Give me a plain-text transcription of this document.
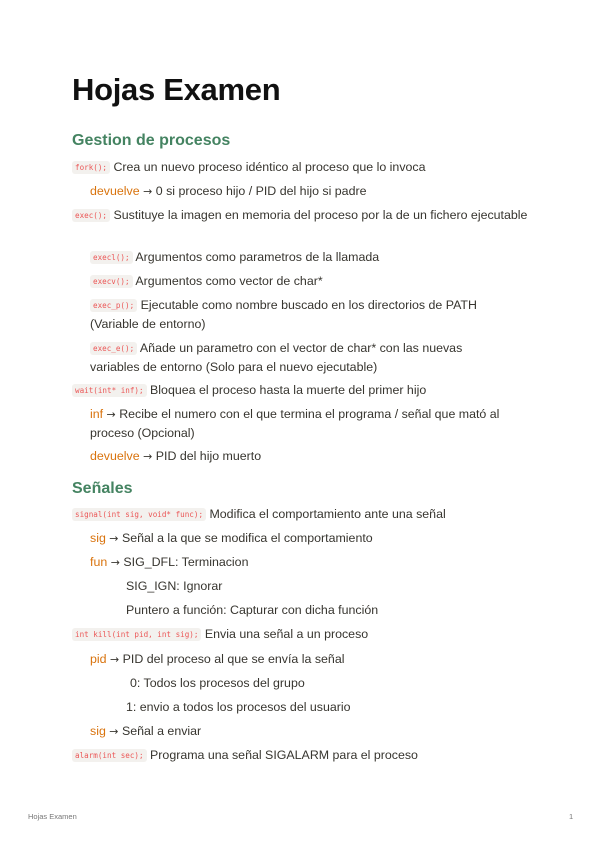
Hojas Examen
Gestion de procesos
fork(); Crea un nuevo proceso idéntico al proceso que lo invoca
devuelve → 0 si proceso hijo / PID del hijo si padre
exec(); Sustituye la imagen en memoria del proceso por la de un fichero ejecutable
execl(); Argumentos como parametros de la llamada
execv(); Argumentos como vector de char*
exec_p(); Ejecutable como nombre buscado en los directorios de PATH (Variable de entorno)
exec_e(); Añade un parametro con el vector de char* con las nuevas variables de entorno (Solo para el nuevo ejecutable)
wait(int* inf); Bloquea el proceso hasta la muerte del primer hijo
inf → Recibe el numero con el que termina el programa / señal que mató al proceso (Opcional)
devuelve → PID del hijo muerto
Señales
signal(int sig, void* func); Modifica el comportamiento ante una señal
sig → Señal a la que se modifica el comportamiento
fun → SIG_DFL: Terminacion
SIG_IGN: Ignorar
Puntero a función: Capturar con dicha función
int kill(int pid, int sig); Envia una señal a un proceso
pid → PID del proceso al que se envía la señal
0: Todos los procesos del grupo
1: envio a todos los procesos del usuario
sig → Señal a enviar
alarm(int sec); Programa una señal SIGALARM para el proceso
Hojas Examen	1
